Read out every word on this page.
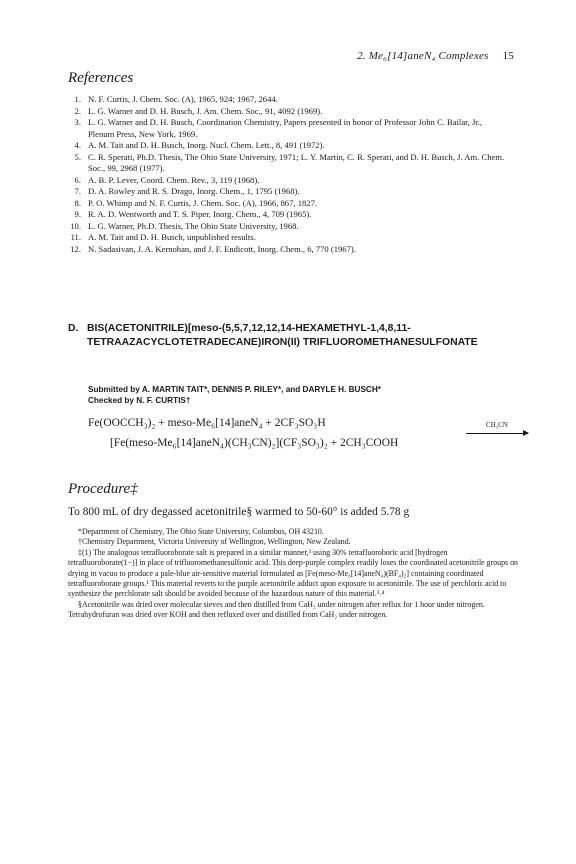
2. Me₆[14]aneN₄ Complexes 15
References
1. N. F. Curtis, J. Chem. Soc. (A), 1965, 924; 1967, 2644.
2. L. G. Warner and D. H. Busch, J. Am. Chem. Soc., 91, 4092 (1969).
3. L. G. Warner and D. H. Busch, Coordination Chemistry, Papers presented in honor of Professor John C. Bailar, Jr., Plenum Press, New York, 1969.
4. A. M. Tait and D. H. Busch, Inorg. Nucl. Chem. Lett., 8, 491 (1972).
5. C. R. Sperati, Ph.D. Thesis, The Ohio State University, 1971; L. Y. Martin, C. R. Sperati, and D. H. Busch, J. Am. Chem. Soc., 99, 2968 (1977).
6. A. B. P. Lever, Coord. Chem. Rev., 3, 119 (1968).
7. D. A. Rowley and R. S. Drago, Inorg. Chem., 1, 1795 (1968).
8. P. O. Whimp and N. F. Curtis, J. Chem. Soc. (A), 1966, 867, 1827.
9. R. A. D. Wentworth and T. S. Piper, Inorg. Chem., 4, 709 (1965).
10. L. G. Warner, Ph.D. Thesis, The Ohio State University, 1968.
11. A. M. Tait and D. H. Busch, unpublished results.
12. N. Sadasivan, J. A. Kernohan, and J. F. Endicott, Inorg. Chem., 6, 770 (1967).
D. BIS(ACETONITRILE)[meso-(5,5,7,12,12,14-HEXAMETHYL-1,4,8,11-TETRAAZACYCLOTETRADECANE)IRON(II) TRIFLUOROMETHANESULFONATE
Submitted by A. MARTIN TAIT*, DENNIS P. RILEY*, and DARYLE H. BUSCH*
Checked by N. F. CURTIS†
Fe(OOCCH₃)₂ + meso-Me₆[14]aneN₄ + 2CF₃SO₃H	CH₃CN
[Fe(meso-Me₆[14]aneN₄)(CH₃CN)₂](CF₃SO₃)₂ + 2CH₃COOH
Procedure‡
To 800 mL of dry degassed acetonitrile§ warmed to 50-60° is added 5.78 g

*Department of Chemistry, The Ohio State University, Columbus, OH 43210.

†Chemistry Department, Victoria University of Wellington, Wellington, New Zealand.

‡(1) The analogous tetrafluoroborate salt is prepared in a similar manner,³ using 30% tetrafluoroboric acid [hydrogen tetrafluoroborate(1−)] in place of trifluoromethanesulfonic acid. This deep-purple complex readily loses the coordinated acetonitrile groups on drying in vacuo to produce a pale-blue air-sensitive material formulated as [Fe(meso-Me₆[14]aneN₄)(BF₄)₂] containing coordinated tetrafluoroborate groups.¹ This material reverts to the purple acetonitrile adduct upon exposure to acetonitrile. The use of perchloric acid to synthesize the perchlorate salt should be avoided because of the hazardous nature of this material.³˒⁴

§Acetonitrile was dried over molecular sieves and then distilled from CaH₂ under nitrogen after reflux for 1 hour under nitrogen. Tetrahydrofuran was dried over KOH and then refluxed over and distilled from CaH₂ under nitrogen.
